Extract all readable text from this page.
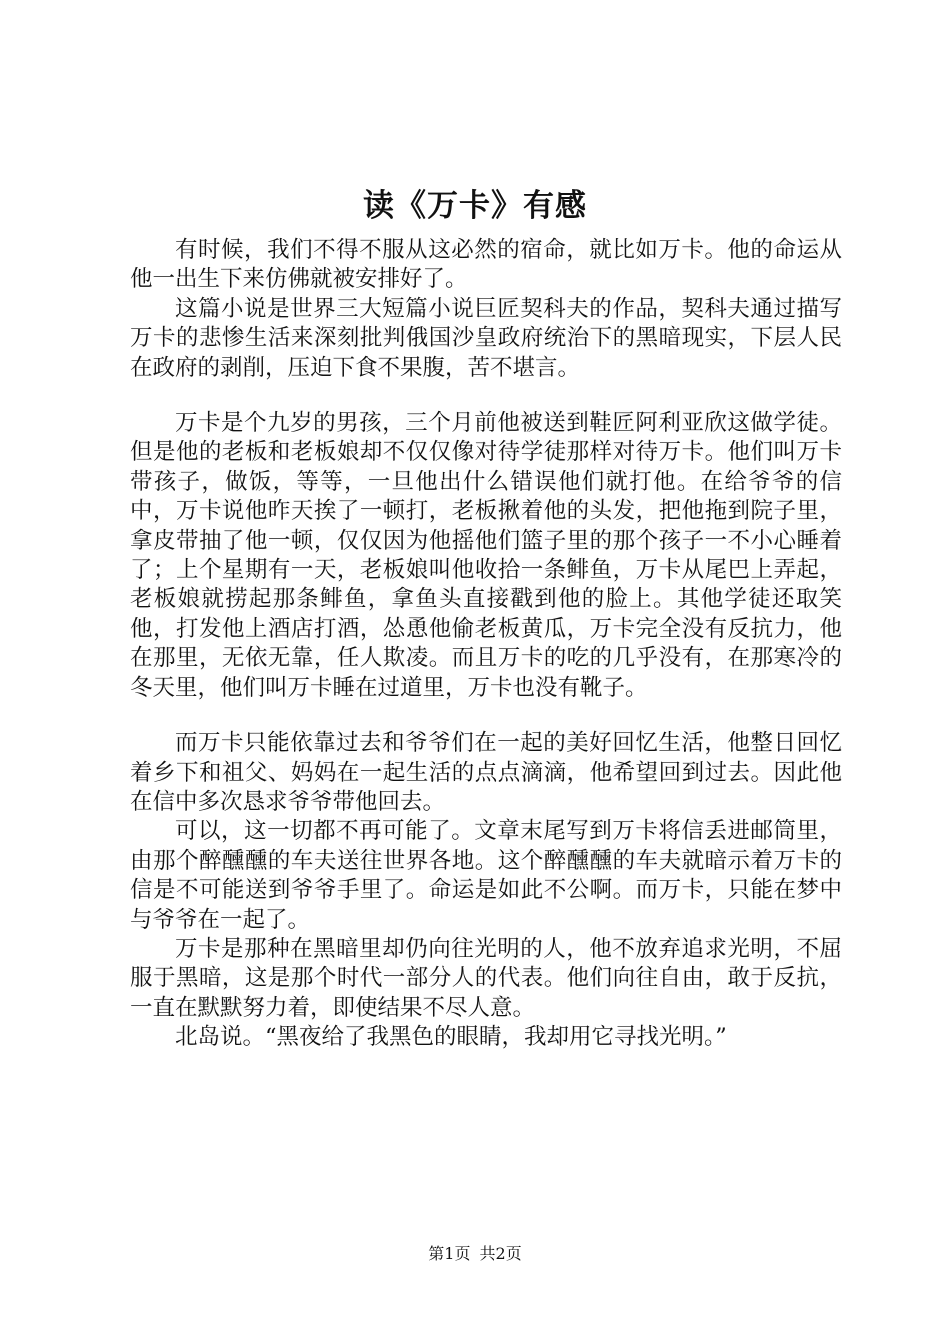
读《万卡》有感

有时候，我们不得不服从这必然的宿命，就比如万卡。他的命运从他一出生下来仿佛就被安排好了。

这篇小说是世界三大短篇小说巨匠契科夫的作品，契科夫通过描写万卡的悲惨生活来深刻批判俄国沙皇政府统治下的黑暗现实，下层人民在政府的剥削，压迫下食不果腹，苦不堪言。

万卡是个九岁的男孩，三个月前他被送到鞋匠阿利亚欣这做学徒。但是他的老板和老板娘却不仅仅像对待学徒那样对待万卡。他们叫万卡带孩子，做饭，等等，一旦他出什么错误他们就打他。在给爷爷的信中，万卡说他昨天挨了一顿打，老板揪着他的头发，把他拖到院子里，拿皮带抽了他一顿，仅仅因为他摇他们篮子里的那个孩子一不小心睡着了；上个星期有一天，老板娘叫他收拾一条鲱鱼，万卡从尾巴上弄起，老板娘就捞起那条鲱鱼，拿鱼头直接戳到他的脸上。其他学徒还取笑他，打发他上酒店打酒，怂恿他偷老板黄瓜，万卡完全没有反抗力，他在那里，无依无靠，任人欺凌。而且万卡的吃的几乎没有，在那寒冷的冬天里，他们叫万卡睡在过道里，万卡也没有靴子。

而万卡只能依靠过去和爷爷们在一起的美好回忆生活，他整日回忆着乡下和祖父、妈妈在一起生活的点点滴滴，他希望回到过去。因此他在信中多次恳求爷爷带他回去。

可以，这一切都不再可能了。文章末尾写到万卡将信丢进邮筒里，由那个醉醺醺的车夫送往世界各地。这个醉醺醺的车夫就暗示着万卡的信是不可能送到爷爷手里了。命运是如此不公啊。而万卡，只能在梦中与爷爷在一起了。

万卡是那种在黑暗里却仍向往光明的人，他不放弃追求光明，不屈服于黑暗，这是那个时代一部分人的代表。他们向往自由，敢于反抗，一直在默默努力着，即使结果不尽人意。

北岛说。“黑夜给了我黑色的眼睛，我却用它寻找光明。”

第1页 共2页
